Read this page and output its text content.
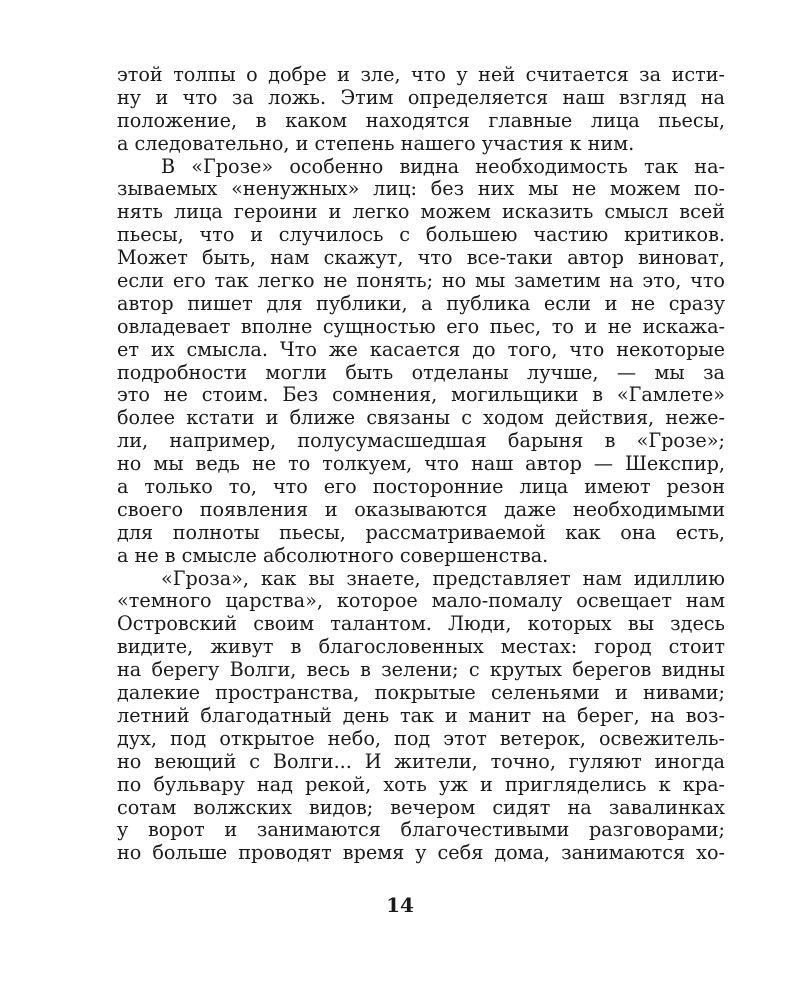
этой толпы о добре и зле, что у ней считается за исти-
ну и что за ложь. Этим определяется наш взгляд на
положение, в каком находятся главные лица пьесы,
а следовательно, и степень нашего участия к ним.
В «Грозе» особенно видна необходимость так на-
зываемых «ненужных» лиц: без них мы не можем по-
нять лица героини и легко можем исказить смысл всей
пьесы, что и случилось с большею частию критиков.
Может быть, нам скажут, что все-таки автор виноват,
если его так легко не понять; но мы заметим на это, что
автор пишет для публики, а публика если и не сразу
овладевает вполне сущностью его пьес, то и не искажа-
ет их смысла. Что же касается до того, что некоторые
подробности могли быть отделаны лучше, — мы за
это не стоим. Без сомнения, могильщики в «Гамлете»
более кстати и ближе связаны с ходом действия, неже-
ли, например, полусумасшедшая барыня в «Грозе»;
но мы ведь не то толкуем, что наш автор — Шекспир,
а только то, что его посторонние лица имеют резон
своего появления и оказываются даже необходимыми
для полноты пьесы, рассматриваемой как она есть,
а не в смысле абсолютного совершенства.
«Гроза», как вы знаете, представляет нам идиллию
«темного царства», которое мало-помалу освещает нам
Островский своим талантом. Люди, которых вы здесь
видите, живут в благословенных местах: город стоит
на берегу Волги, весь в зелени; с крутых берегов видны
далекие пространства, покрытые селеньями и нивами;
летний благодатный день так и манит на берег, на воз-
дух, под открытое небо, под этот ветерок, освежитель-
но веющий с Волги... И жители, точно, гуляют иногда
по бульвару над рекой, хоть уж и пригляделись к кра-
сотам волжских видов; вечером сидят на завалинках
у ворот и занимаются благочестивыми разговорами;
но больше проводят время у себя дома, занимаются хо-
14
